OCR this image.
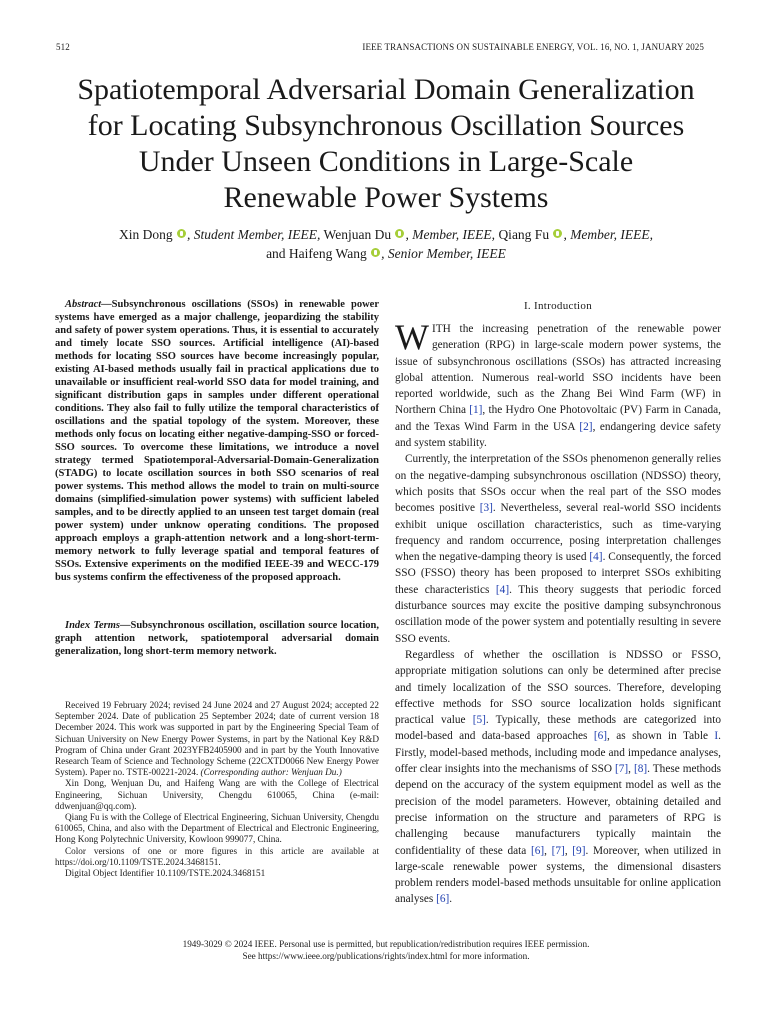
512	IEEE TRANSACTIONS ON SUSTAINABLE ENERGY, VOL. 16, NO. 1, JANUARY 2025
Spatiotemporal Adversarial Domain Generalization
for Locating Subsynchronous Oscillation Sources
Under Unseen Conditions in Large-Scale
Renewable Power Systems
Xin Dong , Student Member, IEEE, Wenjuan Du , Member, IEEE, Qiang Fu , Member, IEEE,
and Haifeng Wang , Senior Member, IEEE

Abstract—Subsynchronous oscillations (SSOs) in renewable power systems have emerged as a major challenge, jeopardizing the stability and safety of power system operations. Thus, it is essential to accurately and timely locate SSO sources. Artificial intelligence (AI)-based methods for locating SSO sources have become increasingly popular, existing AI-based methods usually fail in practical applications due to unavailable or insufficient real-world SSO data for model training, and significant distribution gaps in samples under different operational conditions. They also fail to fully utilize the temporal characteristics of oscillations and the spatial topology of the system. Moreover, these methods only focus on locating either negative-damping-SSO or forced-SSO sources. To overcome these limitations, we introduce a novel strategy termed Spatiotemporal-Adversarial-Domain-Generalization (STADG) to locate oscillation sources in both SSO scenarios of real power systems. This method allows the model to train on multi-source domains (simplified-simulation power systems) with sufficient labeled samples, and to be directly applied to an unseen test target domain (real power system) under unknow operating conditions. The proposed approach employs a graph-attention network and a long-short-term-memory network to fully leverage spatial and temporal features of SSOs. Extensive experiments on the modified IEEE-39 and WECC-179 bus systems confirm the effectiveness of the proposed approach.

Index Terms—Subsynchronous oscillation, oscillation source location, graph attention network, spatiotemporal adversarial domain generalization, long short-term memory network.

Received 19 February 2024; revised 24 June 2024 and 27 August 2024; accepted 22 September 2024. Date of publication 25 September 2024; date of current version 18 December 2024. This work was supported in part by the Engineering Special Team of Sichuan University on New Energy Power Systems, in part by the National Key R&D Program of China under Grant 2023YFB2405900 and in part by the Youth Innovative Research Team of Science and Technology Scheme (22CXTD0066 New Energy Power System). Paper no. TSTE-00221-2024. (Corresponding author: Wenjuan Du.)

Xin Dong, Wenjuan Du, and Haifeng Wang are with the College of Electrical Engineering, Sichuan University, Chengdu 610065, China (e-mail: ddwenjuan@qq.com).

Qiang Fu is with the College of Electrical Engineering, Sichuan University, Chengdu 610065, China, and also with the Department of Electrical and Electronic Engineering, Hong Kong Polytechnic University, Kowloon 999077, China.

Color versions of one or more figures in this article are available at https://doi.org/10.1109/TSTE.2024.3468151.

Digital Object Identifier 10.1109/TSTE.2024.3468151

I. Introduction

WITH the increasing penetration of the renewable power generation (RPG) in large-scale modern power systems, the issue of subsynchronous oscillations (SSOs) has attracted increasing global attention. Numerous real-world SSO incidents have been reported worldwide, such as the Zhang Bei Wind Farm (WF) in Northern China [1], the Hydro One Photovoltaic (PV) Farm in Canada, and the Texas Wind Farm in the USA [2], endangering device safety and system stability.

Currently, the interpretation of the SSOs phenomenon generally relies on the negative-damping subsynchronous oscillation (NDSSO) theory, which posits that SSOs occur when the real part of the SSO modes becomes positive [3]. Nevertheless, several real-world SSO incidents exhibit unique oscillation characteristics, such as time-varying frequency and random occurrence, posing interpretation challenges when the negative-damping theory is used [4]. Consequently, the forced SSO (FSSO) theory has been proposed to interpret SSOs exhibiting these characteristics [4]. This theory suggests that periodic forced disturbance sources may excite the positive damping subsynchronous oscillation mode of the power system and potentially resulting in severe SSO events.

Regardless of whether the oscillation is NDSSO or FSSO, appropriate mitigation solutions can only be determined after precise and timely localization of the SSO sources. Therefore, developing effective methods for SSO source localization holds significant practical value [5]. Typically, these methods are categorized into model-based and data-based approaches [6], as shown in Table I. Firstly, model-based methods, including mode and impedance analyses, offer clear insights into the mechanisms of SSO [7], [8]. These methods depend on the accuracy of the system equipment model as well as the precision of the model parameters. However, obtaining detailed and precise information on the structure and parameters of RPG is challenging because manufacturers typically maintain the confidentiality of these data [6], [7], [9]. Moreover, when utilized in large-scale renewable power systems, the dimensional disasters problem renders model-based methods unsuitable for online application analyses [6].

1949-3029 © 2024 IEEE. Personal use is permitted, but republication/redistribution requires IEEE permission.
See https://www.ieee.org/publications/rights/index.html for more information.
